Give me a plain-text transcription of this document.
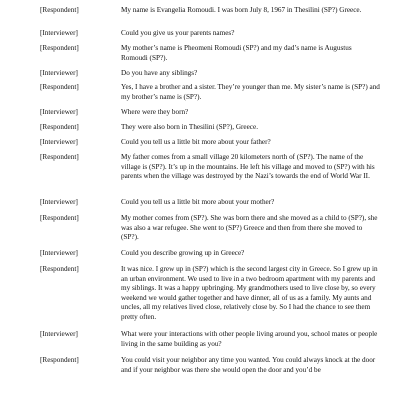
[Respondent]	My name is Evangelia Romoudi. I was born July 8, 1967 in Thesilini (SP?) Greece.
[Interviewer]	Could you give us your parents names?
[Respondent]	My mother’s name is Pheomeni Romoudi (SP?) and my dad’s name is Augustus Romoudi (SP?).
[Interviewer]	Do you have any siblings?
[Respondent]	Yes, I have a brother and a sister. They’re younger than me. My sister’s name is (SP?) and my brother’s name is (SP?).
[Interviewer]	Where were they born?
[Respondent]	They were also born in Thesilini (SP?), Greece.
[Interviewer]	Could you tell us a little bit more about your father?
[Respondent]	My father comes from a small village 20 kilometers north of (SP?). The name of the village is (SP?). It’s up in the mountains. He left his village and moved to (SP?) with his parents when the village was destroyed by the Nazi’s towards the end of World War II.
[Interviewer]	Could you tell us a little bit more about your mother?
[Respondent]	My mother comes from (SP?). She was born there and she moved as a child to (SP?), she was also a war refugee. She went to (SP?) Greece and then from there she moved to (SP?).
[Interviewer]	Could you describe growing up in Greece?
[Respondent]	It was nice. I grew up in (SP?) which is the second largest city in Greece. So I grew up in an urban environment. We used to live in a two bedroom apartment with my parents and my siblings. It was a happy upbringing. My grandmothers used to live close by, so every weekend we would gather together and have dinner, all of us as a family. My aunts and uncles, all my relatives lived close, relatively close by. So I had the chance to see them pretty often.
[Interviewer]	What were your interactions with other people living around you, school mates or people living in the same building as you?
[Respondent]	You could visit your neighbor any time you wanted. You could always knock at the door and if your neighbor was there she would open the door and you’d be
